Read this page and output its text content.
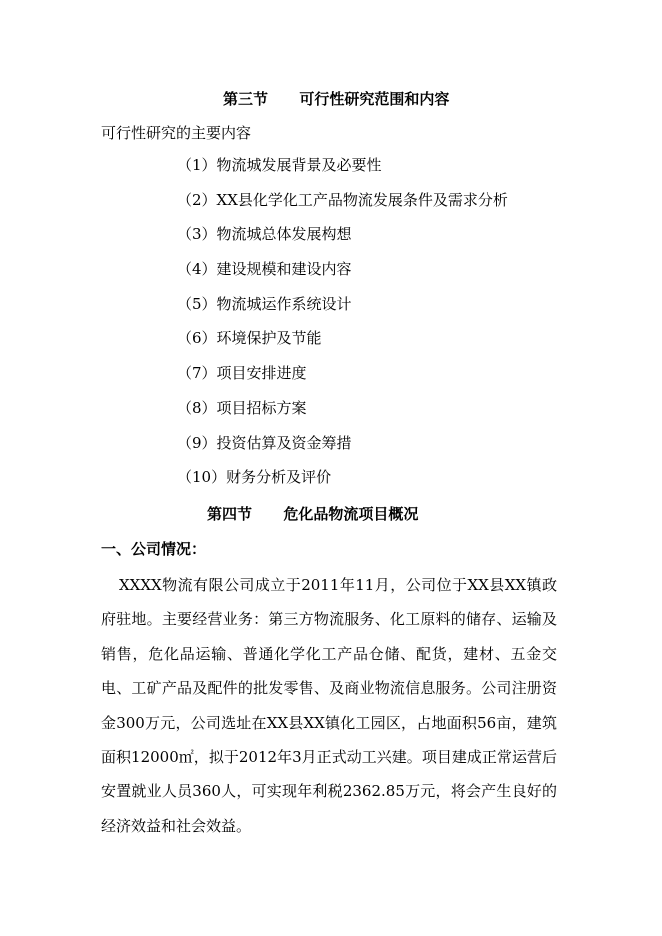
第三节 可行性研究范围和内容
可行性研究的主要内容
（1）物流城发展背景及必要性
（2）XX县化学化工产品物流发展条件及需求分析
（3）物流城总体发展构想
（4）建设规模和建设内容
（5）物流城运作系统设计
（6）环境保护及节能
（7）项目安排进度
（8）项目招标方案
（9）投资估算及资金筹措
（10）财务分析及评价
第四节 危化品物流项目概况
一、公司情况：

XXXX物流有限公司成立于2011年11月，公司位于XX县XX镇政府驻地。主要经营业务：第三方物流服务、化工原料的储存、运输及销售，危化品运输、普通化学化工产品仓储、配货，建材、五金交电、工矿产品及配件的批发零售、及商业物流信息服务。公司注册资金300万元，公司选址在XX县XX镇化工园区，占地面积56亩，建筑面积12000㎡，拟于2012年3月正式动工兴建。项目建成正常运营后安置就业人员360人，可实现年利税2362.85万元，将会产生良好的经济效益和社会效益。
